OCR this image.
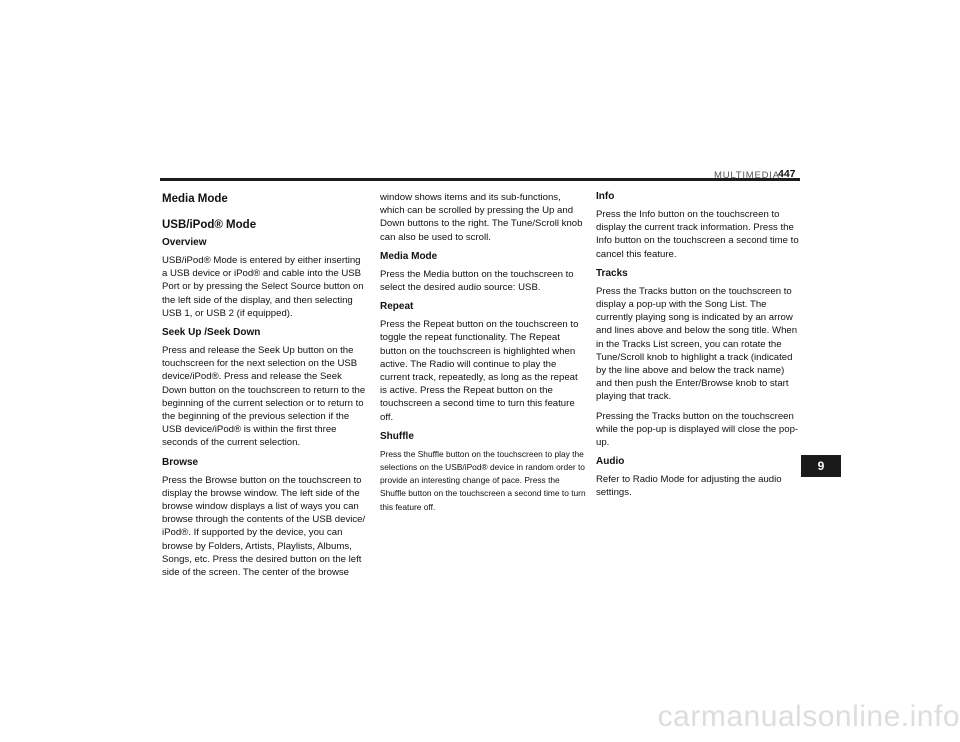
MULTIMEDIA
447
Media Mode
USB/iPod® Mode
Overview

USB/iPod® Mode is entered by either inserting a USB device or iPod® and cable into the USB Port or by pressing the Select Source button on the left side of the display, and then selecting USB 1, or USB 2 (if equipped).

Seek Up /Seek Down

Press and release the Seek Up button on the touchscreen for the next selection on the USB device/iPod®. Press and release the Seek Down button on the touchscreen to return to the beginning of the current selection or to return to the beginning of the previous selection if the USB device/iPod® is within the first three seconds of the current selection.

Browse

Press the Browse button on the touchscreen to display the browse window. The left side of the browse window displays a list of ways you can browse through the contents of the USB device/ iPod®. If supported by the device, you can browse by Folders, Artists, Playlists, Albums, Songs, etc. Press the desired button on the left side of the screen. The center of the browse

window shows items and its sub-functions, which can be scrolled by pressing the Up and Down buttons to the right. The Tune/Scroll knob can also be used to scroll.

Media Mode

Press the Media button on the touchscreen to select the desired audio source: USB.

Repeat

Press the Repeat button on the touchscreen to toggle the repeat functionality. The Repeat button on the touchscreen is highlighted when active. The Radio will continue to play the current track, repeatedly, as long as the repeat is active. Press the Repeat button on the touchscreen a second time to turn this feature off.

Shuffle

Press the Shuffle button on the touchscreen to play the selections on the USB/iPod® device in random order to provide an interesting change of pace. Press the Shuffle button on the touchscreen a second time to turn this feature off.

Info

Press the Info button on the touchscreen to display the current track information. Press the Info button on the touchscreen a second time to cancel this feature.

Tracks

Press the Tracks button on the touchscreen to display a pop-up with the Song List. The currently playing song is indicated by an arrow and lines above and below the song title. When in the Tracks List screen, you can rotate the Tune/Scroll knob to highlight a track (indicated by the line above and below the track name) and then push the Enter/Browse knob to start playing that track.

Pressing the Tracks button on the touchscreen while the pop-up is displayed will close the pop-up.

Audio

Refer to Radio Mode for adjusting the audio settings.

9
carmanualsonline.info
